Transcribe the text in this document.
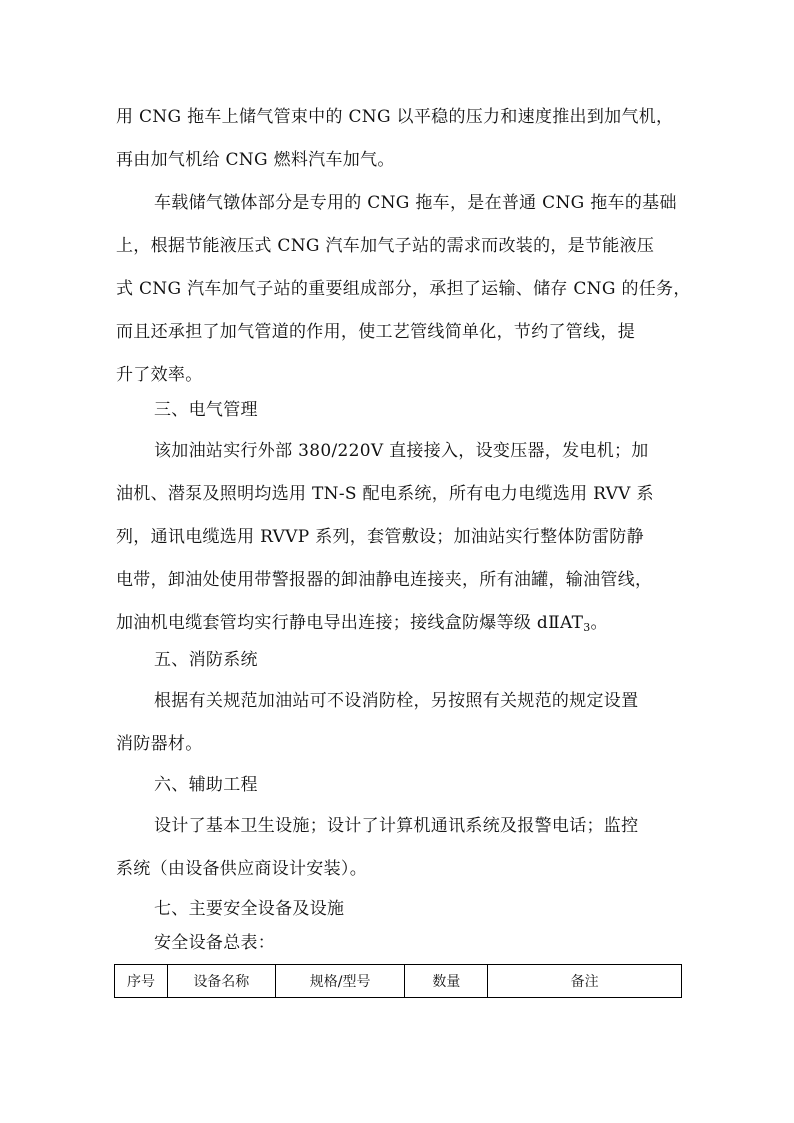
用 CNG 拖车上储气管束中的 CNG 以平稳的压力和速度推出到加气机，
再由加气机给 CNG 燃料汽车加气。
车载储气镦体部分是专用的 CNG 拖车，是在普通 CNG 拖车的基础
上，根据节能液压式 CNG 汽车加气子站的需求而改装的，是节能液压
式 CNG 汽车加气子站的重要组成部分，承担了运输、储存 CNG 的任务，
而且还承担了加气管道的作用，使工艺管线简单化，节约了管线，提
升了效率。
三、电气管理
该加油站实行外部 380/220V 直接接入，设变压器，发电机；加
油机、潜泵及照明均选用 TN-S 配电系统，所有电力电缆选用 RVV 系
列，通讯电缆选用 RVVP 系列，套管敷设；加油站实行整体防雷防静
电带，卸油处使用带警报器的卸油静电连接夹，所有油罐，输油管线，
加油机电缆套管均实行静电导出连接；接线盒防爆等级 $dⅡAT_3$。
五、消防系统
根据有关规范加油站可不设消防栓，另按照有关规范的规定设置
消防器材。
六、辅助工程
设计了基本卫生设施；设计了计算机通讯系统及报警电话；监控
系统（由设备供应商设计安装）。
七、主要安全设备及设施
安全设备总表：
序号	设备名称	规格/型号	数量	备注
